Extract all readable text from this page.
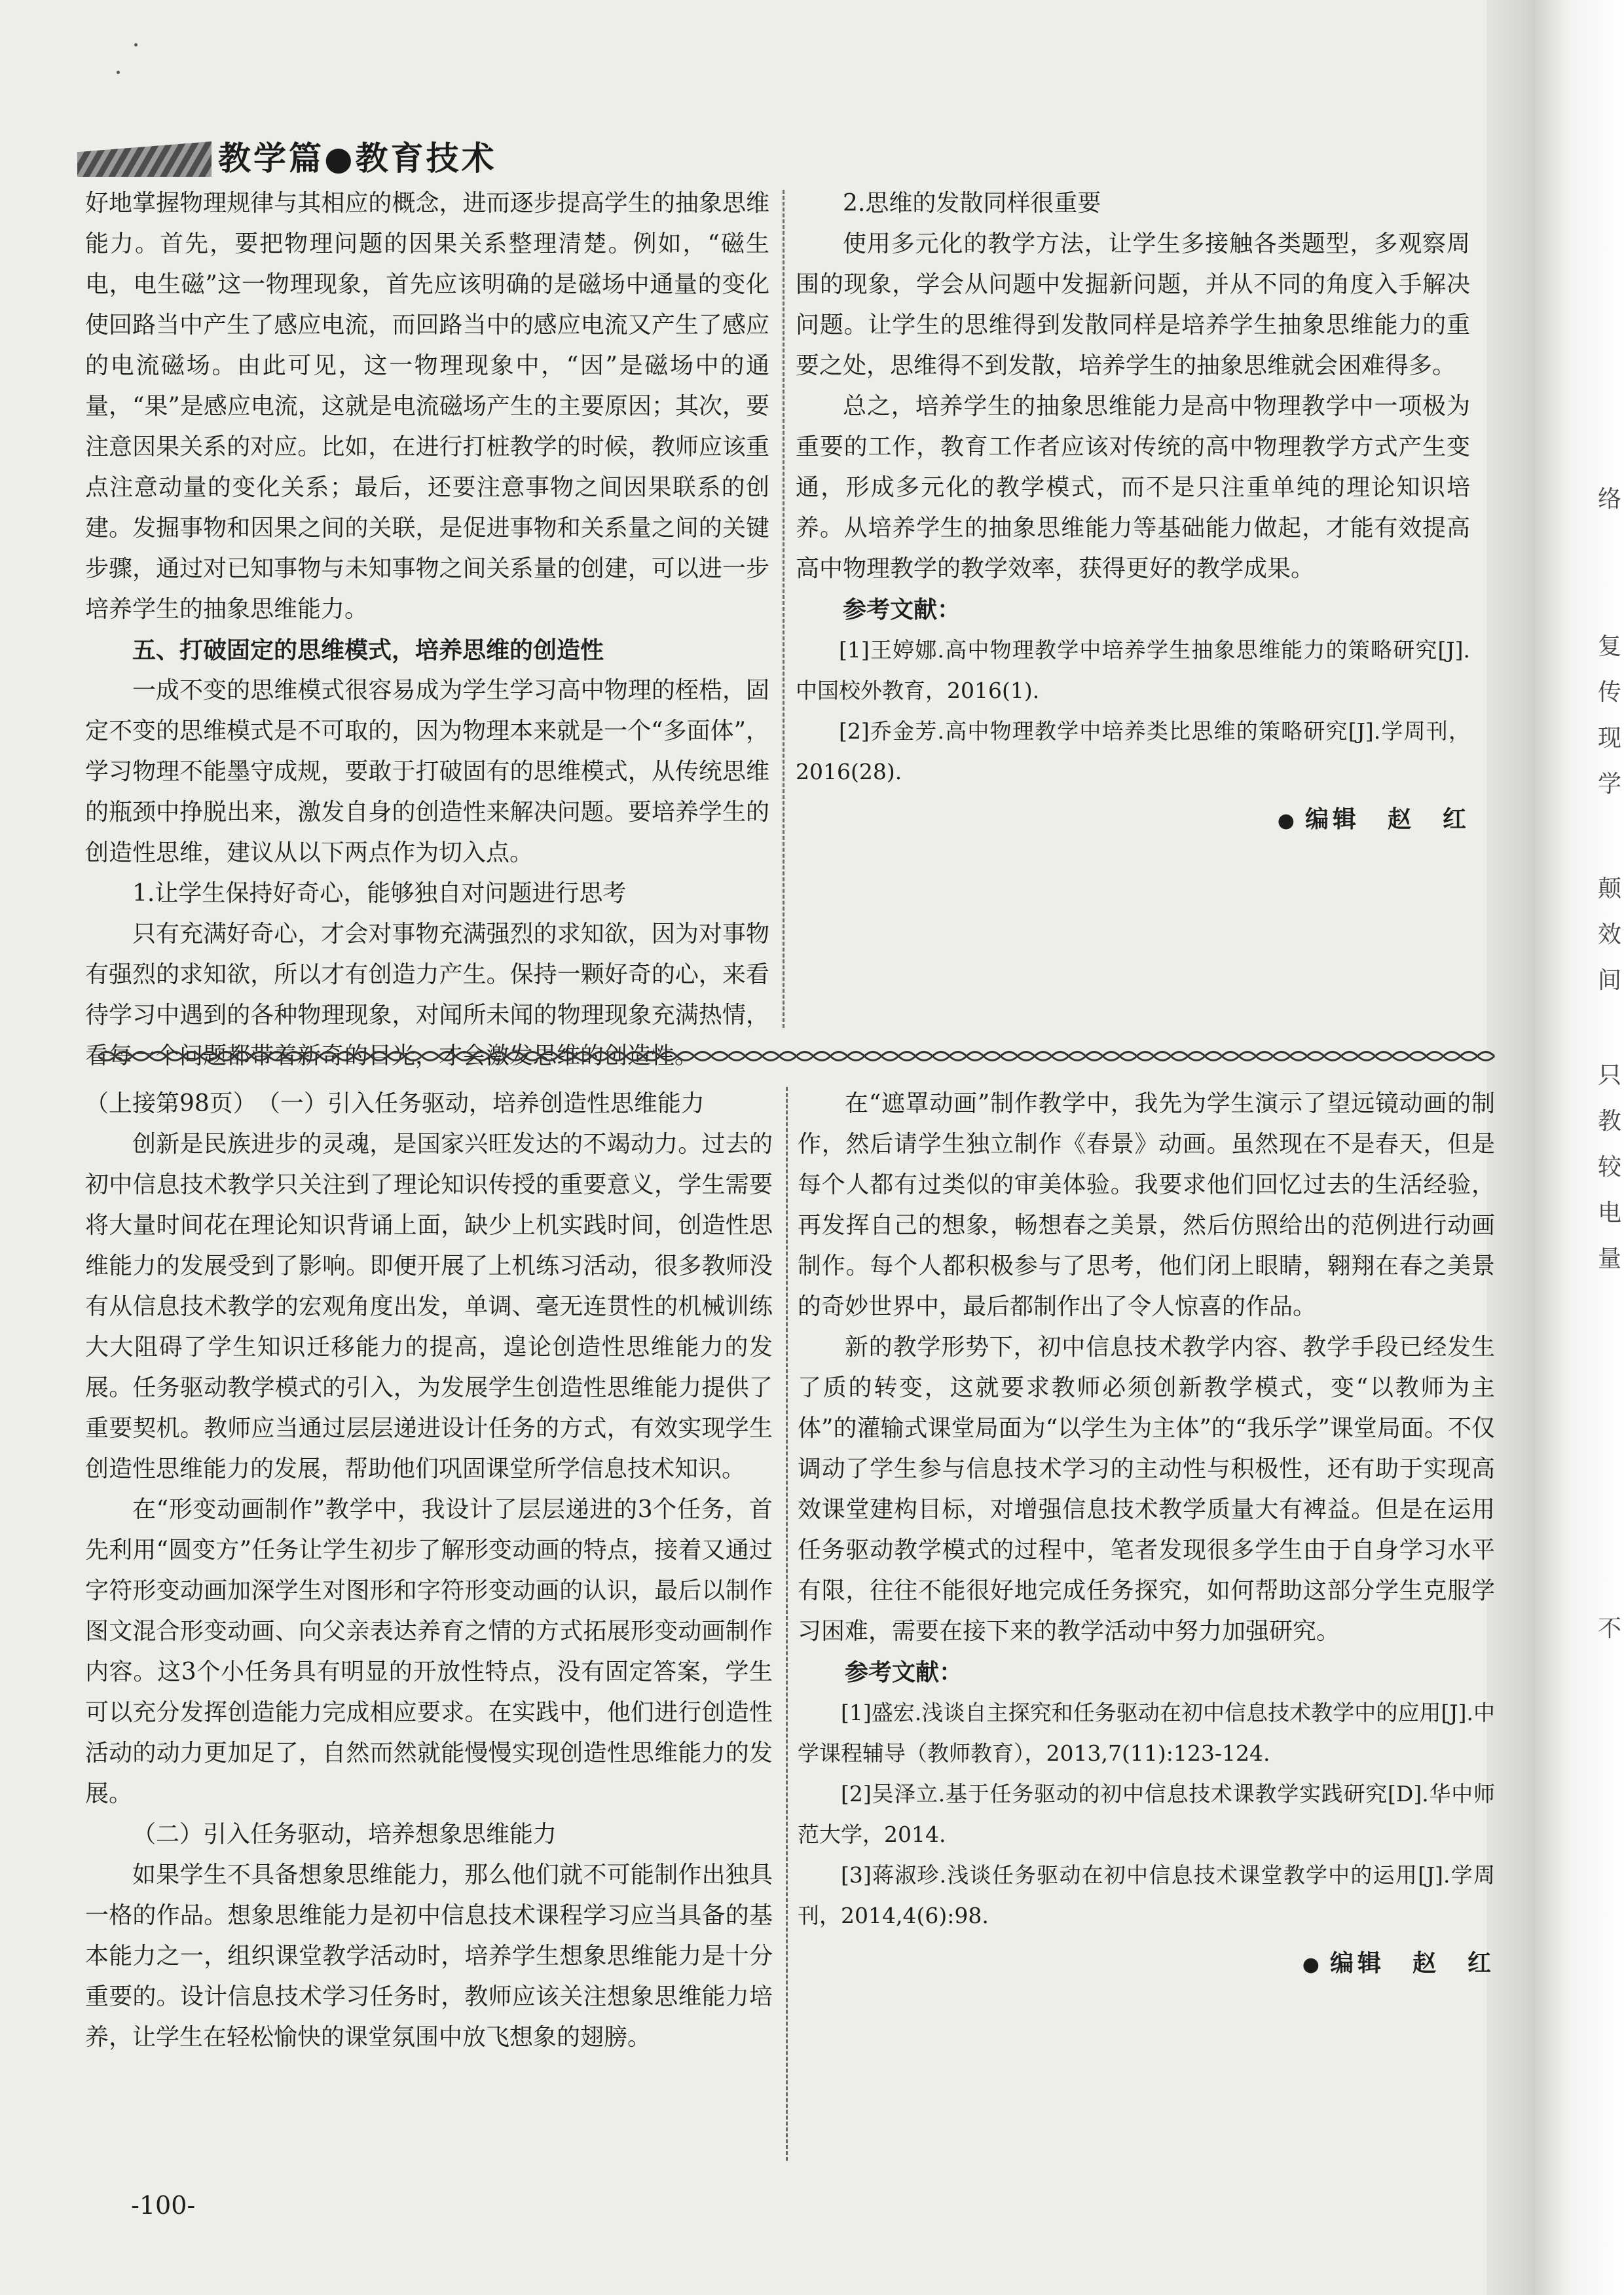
教学篇●教育技术

好地掌握物理规律与其相应的概念，进而逐步提高学生的抽象思维能力。首先，要把物理问题的因果关系整理清楚。例如，“磁生电，电生磁”这一物理现象，首先应该明确的是磁场中通量的变化使回路当中产生了感应电流，而回路当中的感应电流又产生了感应的电流磁场。由此可见，这一物理现象中，“因”是磁场中的通量，“果”是感应电流，这就是电流磁场产生的主要原因；其次，要注意因果关系的对应。比如，在进行打桩教学的时候，教师应该重点注意动量的变化关系；最后，还要注意事物之间因果联系的创建。发掘事物和因果之间的关联，是促进事物和关系量之间的关键步骤，通过对已知事物与未知事物之间关系量的创建，可以进一步培养学生的抽象思维能力。

五、打破固定的思维模式，培养思维的创造性

一成不变的思维模式很容易成为学生学习高中物理的桎梏，固定不变的思维模式是不可取的，因为物理本来就是一个“多面体”，学习物理不能墨守成规，要敢于打破固有的思维模式，从传统思维的瓶颈中挣脱出来，激发自身的创造性来解决问题。要培养学生的创造性思维，建议从以下两点作为切入点。

1.让学生保持好奇心，能够独自对问题进行思考

只有充满好奇心，才会对事物充满强烈的求知欲，因为对事物有强烈的求知欲，所以才有创造力产生。保持一颗好奇的心，来看待学习中遇到的各种物理现象，对闻所未闻的物理现象充满热情，看每一个问题都带着新奇的目光，才会激发思维的创造性。

2.思维的发散同样很重要

使用多元化的教学方法，让学生多接触各类题型，多观察周围的现象，学会从问题中发掘新问题，并从不同的角度入手解决问题。让学生的思维得到发散同样是培养学生抽象思维能力的重要之处，思维得不到发散，培养学生的抽象思维就会困难得多。

总之，培养学生的抽象思维能力是高中物理教学中一项极为重要的工作，教育工作者应该对传统的高中物理教学方式产生变通，形成多元化的教学模式，而不是只注重单纯的理论知识培养。从培养学生的抽象思维能力等基础能力做起，才能有效提高高中物理教学的教学效率，获得更好的教学成果。

参考文献：

[1]王婷娜.高中物理教学中培养学生抽象思维能力的策略研究[J].中国校外教育，2016(1).

[2]乔金芳.高中物理教学中培养类比思维的策略研究[J].学周刊，2016(28).

● 编辑　赵　红

（上接第98页）　 （一）引入任务驱动，培养创造性思维能力

创新是民族进步的灵魂，是国家兴旺发达的不竭动力。过去的初中信息技术教学只关注到了理论知识传授的重要意义，学生需要将大量时间花在理论知识背诵上面，缺少上机实践时间，创造性思维能力的发展受到了影响。即便开展了上机练习活动，很多教师没有从信息技术教学的宏观角度出发，单调、毫无连贯性的机械训练大大阻碍了学生知识迁移能力的提高，遑论创造性思维能力的发展。任务驱动教学模式的引入，为发展学生创造性思维能力提供了重要契机。教师应当通过层层递进设计任务的方式，有效实现学生创造性思维能力的发展，帮助他们巩固课堂所学信息技术知识。

在“形变动画制作”教学中，我设计了层层递进的3个任务，首先利用“圆变方”任务让学生初步了解形变动画的特点，接着又通过字符形变动画加深学生对图形和字符形变动画的认识，最后以制作图文混合形变动画、向父亲表达养育之情的方式拓展形变动画制作内容。这3个小任务具有明显的开放性特点，没有固定答案，学生可以充分发挥创造能力完成相应要求。在实践中，他们进行创造性活动的动力更加足了，自然而然就能慢慢实现创造性思维能力的发展。

（二）引入任务驱动，培养想象思维能力

如果学生不具备想象思维能力，那么他们就不可能制作出独具一格的作品。想象思维能力是初中信息技术课程学习应当具备的基本能力之一，组织课堂教学活动时，培养学生想象思维能力是十分重要的。设计信息技术学习任务时，教师应该关注想象思维能力培养，让学生在轻松愉快的课堂氛围中放飞想象的翅膀。

在“遮罩动画”制作教学中，我先为学生演示了望远镜动画的制作，然后请学生独立制作《春景》动画。虽然现在不是春天，但是每个人都有过类似的审美体验。我要求他们回忆过去的生活经验，再发挥自己的想象，畅想春之美景，然后仿照给出的范例进行动画制作。每个人都积极参与了思考，他们闭上眼睛，翱翔在春之美景的奇妙世界中，最后都制作出了令人惊喜的作品。

新的教学形势下，初中信息技术教学内容、教学手段已经发生了质的转变，这就要求教师必须创新教学模式，变“以教师为主体”的灌输式课堂局面为“以学生为主体”的“我乐学”课堂局面。不仅调动了学生参与信息技术学习的主动性与积极性，还有助于实现高效课堂建构目标，对增强信息技术教学质量大有裨益。但是在运用任务驱动教学模式的过程中，笔者发现很多学生由于自身学习水平有限，往往不能很好地完成任务探究，如何帮助这部分学生克服学习困难，需要在接下来的教学活动中努力加强研究。

参考文献：

[1]盛宏.浅谈自主探究和任务驱动在初中信息技术教学中的应用[J].中学课程辅导（教师教育），2013,7(11):123-124.

[2]吴泽立.基于任务驱动的初中信息技术课教学实践研究[D].华中师范大学，2014.

[3]蒋淑珍.浅谈任务驱动在初中信息技术课堂教学中的运用[J].学周刊，2014,4(6):98.

● 编辑　赵　红
-100-
络
复
传
现
学
颠
效
间
只
教
较
电
量
不
